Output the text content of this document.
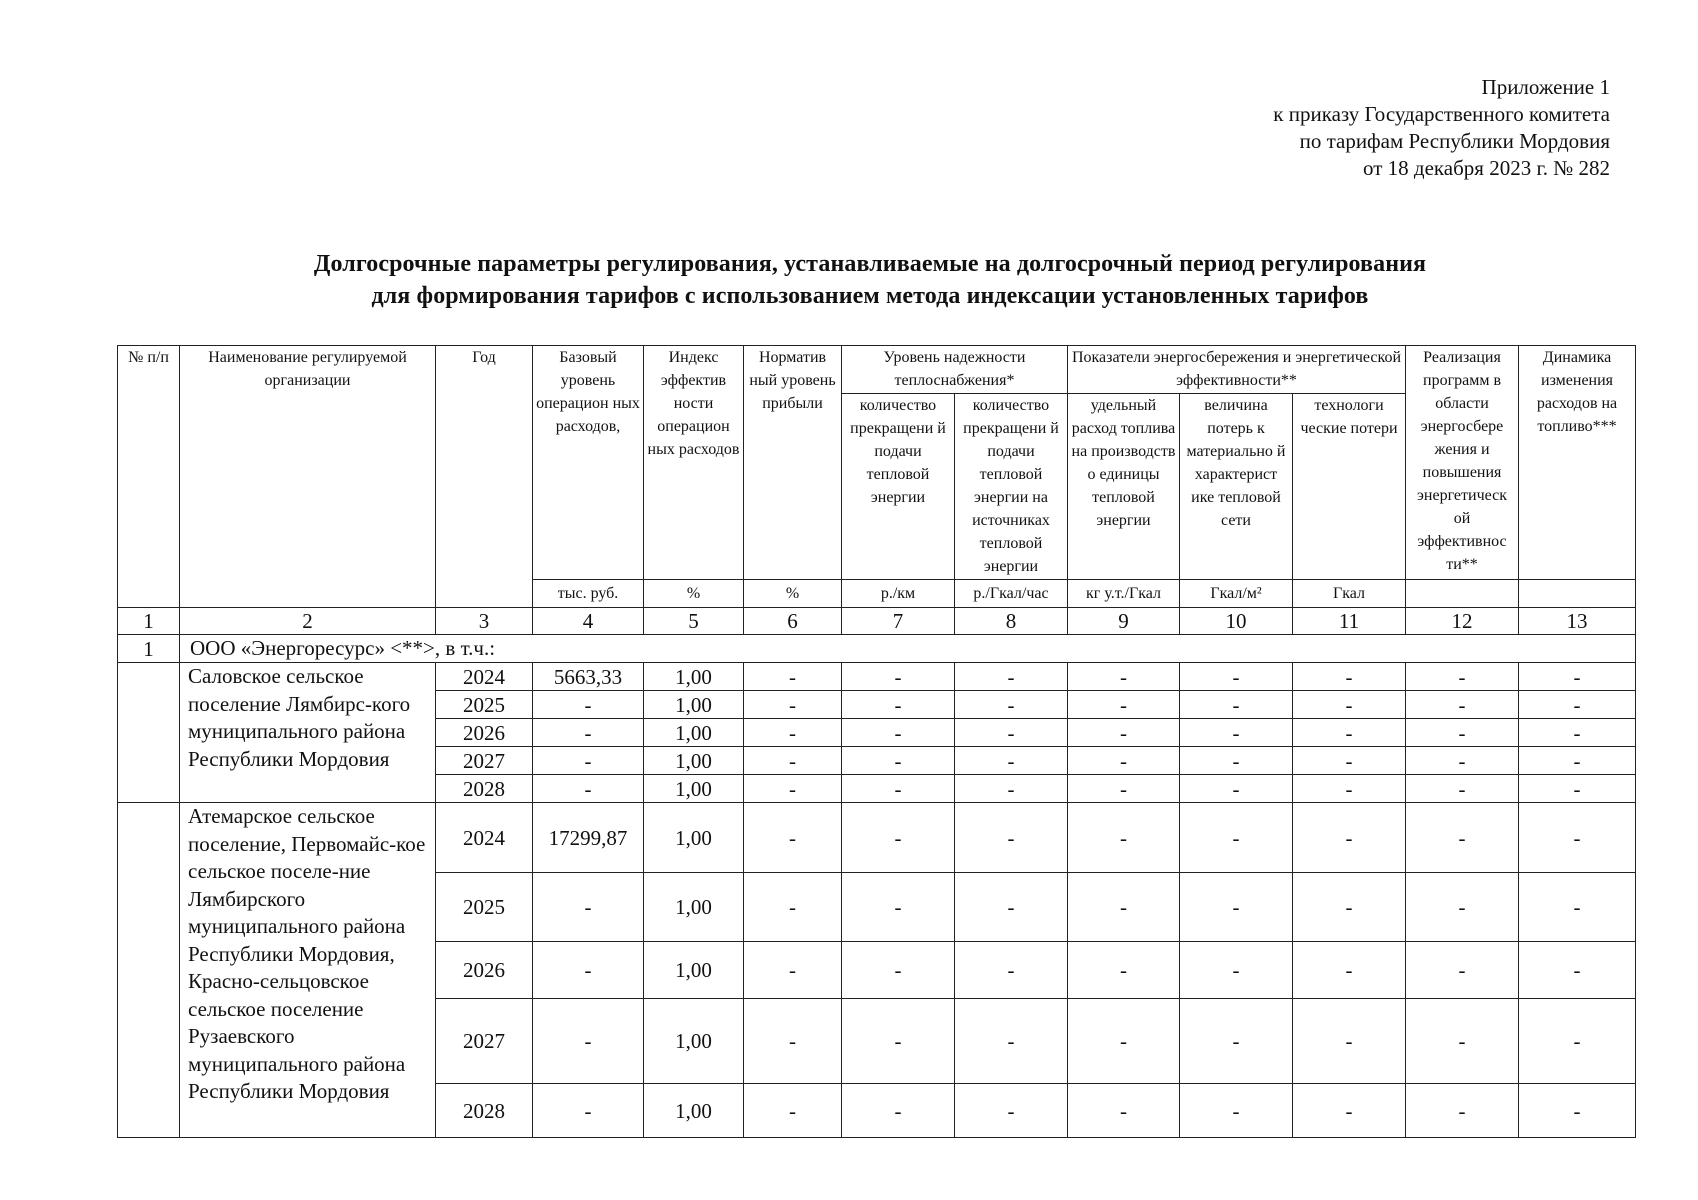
Приложение 1
к приказу Государственного комитета
по тарифам Республики Мордовия
от 18 декабря 2023 г. № 282
Долгосрочные параметры регулирования, устанавливаемые на долгосрочный период регулирования
для формирования тарифов с использованием метода индексации установленных тарифов
№ п/п	Наименование регулируемой организации	Год	Базовый уровень операцион ных расходов,	Индекс эффектив ности операцион ных расходов	Норматив ный уровень прибыли	Уровень надежности теплоснабжения*		Показатели энергосбережения и энергетической эффективности**			Реализация программ в области энергосбере жения и повышения энергетическ ой эффективнос ти**	Динамика изменения расходов на топливо***
						количество прекращени й подачи тепловой энергии	количество прекращени й подачи тепловой энергии на источниках тепловой энергии	удельный расход топлива на производств о единицы тепловой энергии	величина потерь к материально й характерист ике тепловой сети	технологи ческие потери		
			тыс. руб.	%	%	р./км	р./Гкал/час	кг у.т./Гкал	Гкал/м²	Гкал		
1	2	3	4	5	6	7	8	9	10	11	12	13
1	ООО «Энергоресурс» <**>, в т.ч.:											
	Саловское сельское поселение Лямбирс-кого муниципального района Республики Мордовия	2024	5663,33	1,00	-	-	-	-	-	-	-	-
		2025	-	1,00	-	-	-	-	-	-	-	-
		2026	-	1,00	-	-	-	-	-	-	-	-
		2027	-	1,00	-	-	-	-	-	-	-	-
		2028	-	1,00	-	-	-	-	-	-	-	-
	Атемарское сельское поселение, Первомайс-кое сельское поселе-ние Лямбирского муниципального района Республики Мордовия, Красно-сельцовское сельское поселение Рузаевского муниципального района Республики Мордовия	2024	17299,87	1,00	-	-	-	-	-	-	-	-
		2025	-	1,00	-	-	-	-	-	-	-	-
		2026	-	1,00	-	-	-	-	-	-	-	-
		2027	-	1,00	-	-	-	-	-	-	-	-
		2028	-	1,00	-	-	-	-	-	-	-	-
